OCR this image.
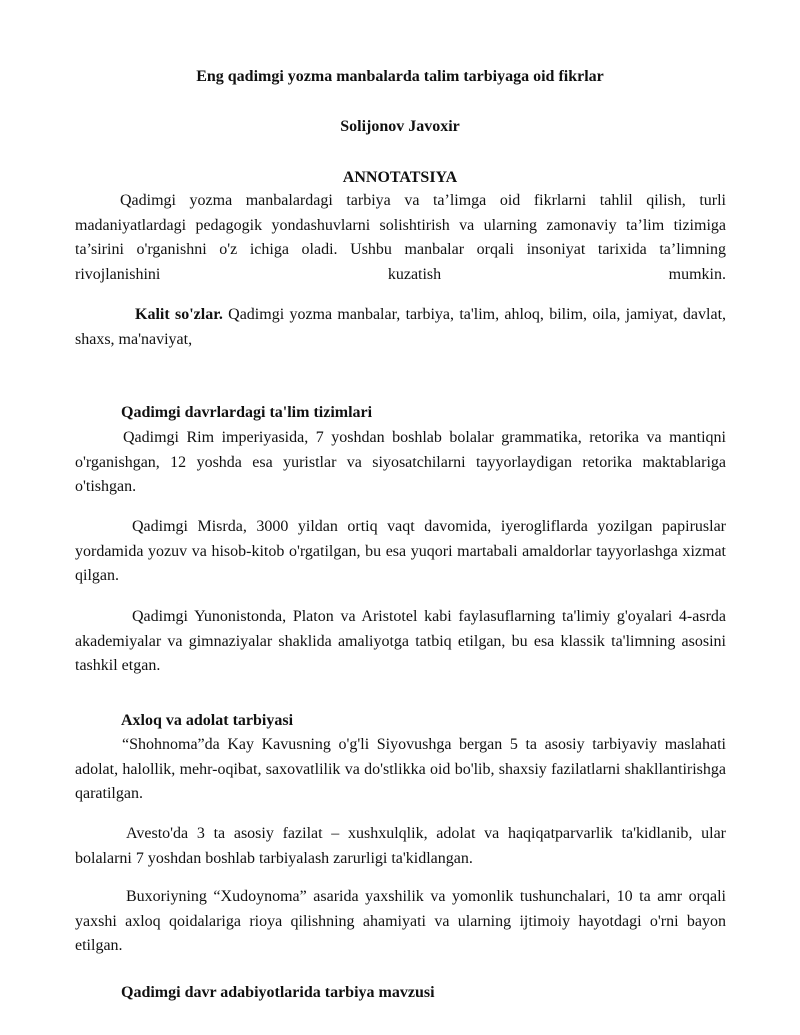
Eng qadimgi yozma manbalarda talim tarbiyaga oid fikrlar
Solijonov Javoxir
ANNOTATSIYA

Qadimgi yozma manbalardagi tarbiya va ta’limga oid fikrlarni tahlil qilish, turli madaniyatlardagi pedagogik yondashuvlarni solishtirish va ularning zamonaviy ta’lim tizimiga ta’sirini o'rganishni o'z ichiga oladi. Ushbu manbalar orqali insoniyat tarixida ta’limning rivojlanishini kuzatish mumkin.

Kalit so'zlar. Qadimgi yozma manbalar, tarbiya, ta'lim, ahloq, bilim, oila, jamiyat, davlat, shaxs, ma'naviyat,

Qadimgi davrlardagi ta'lim tizimlari

Qadimgi Rim imperiyasida, 7 yoshdan boshlab bolalar grammatika, retorika va mantiqni o'rganishgan, 12 yoshda esa yuristlar va siyosatchilarni tayyorlaydigan retorika maktablariga o'tishgan.

Qadimgi Misrda, 3000 yildan ortiq vaqt davomida, iyerogliflarda yozilgan papiruslar yordamida yozuv va hisob-kitob o'rgatilgan, bu esa yuqori martabali amaldorlar tayyorlashga xizmat qilgan.

Qadimgi Yunonistonda, Platon va Aristotel kabi faylasuflarning ta'limiy g'oyalari 4-asrda akademiyalar va gimnaziyalar shaklida amaliyotga tatbiq etilgan, bu esa klassik ta'limning asosini tashkil etgan.

Axloq va adolat tarbiyasi

“Shohnoma”da Kay Kavusning o'g'li Siyovushga bergan 5 ta asosiy tarbiyaviy maslahati adolat, halollik, mehr-oqibat, saxovatlilik va do'stlikka oid bo'lib, shaxsiy fazilatlarni shakllantirishga qaratilgan.

Avesto'da 3 ta asosiy fazilat – xushxulqlik, adolat va haqiqatparvarlik ta'kidlanib, ular bolalarni 7 yoshdan boshlab tarbiyalash zarurligi ta'kidlangan.

Buxoriyning “Xudoynoma” asarida yaxshilik va yomonlik tushunchalari, 10 ta amr orqali yaxshi axloq qoidalariga rioya qilishning ahamiyati va ularning ijtimoiy hayotdagi o'rni bayon etilgan.

Qadimgi davr adabiyotlarida tarbiya mavzusi
